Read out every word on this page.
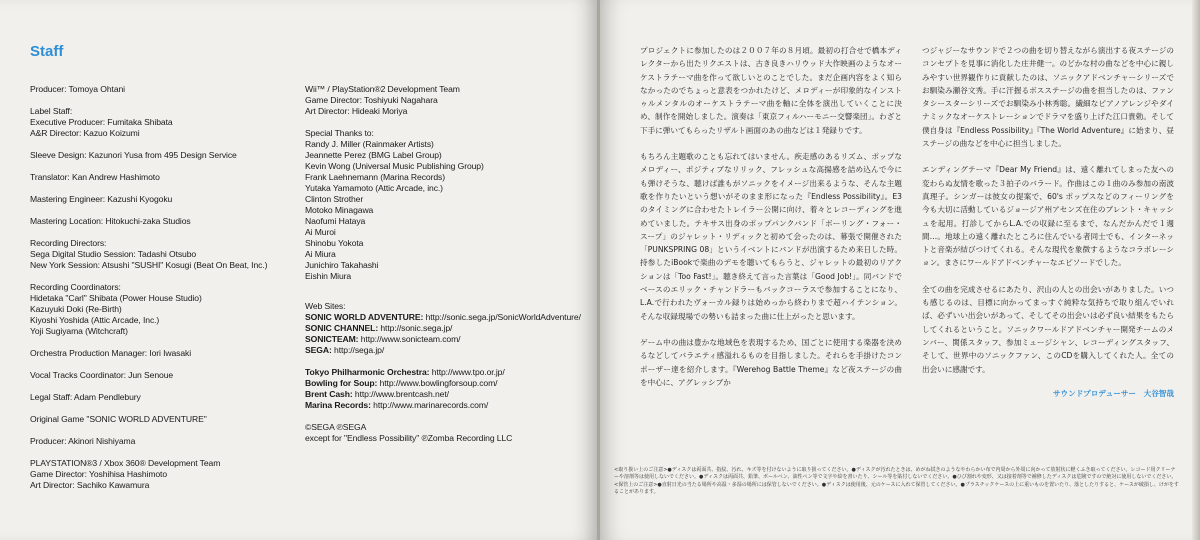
Staff
Producer: Tomoya Ohtani
Label Staff:
Executive Producer: Fumitaka Shibata
A&R Director: Kazuo Koizumi
Sleeve Design: Kazunori Yusa from 495 Design Service
Translator: Kan Andrew Hashimoto
Mastering Engineer: Kazushi Kyogoku
Mastering Location: Hitokuchi-zaka Studios
Recording Directors:
Sega Digital Studio Session: Tadashi Otsubo
New York Session: Atsushi "SUSHI" Kosugi (Beat On Beat, Inc.)
Recording Coordinators:
Hidetaka "Carl" Shibata (Power House Studio)
Kazuyuki Doki (Re-Birth)
Kiyoshi Yoshida (Attic Arcade, Inc.)
Yoji Sugiyama (Witchcraft)
Orchestra Production Manager: Iori Iwasaki
Vocal Tracks Coordinator: Jun Senoue
Legal Staff: Adam Pendlebury
Original Game "SONIC WORLD ADVENTURE"
Producer: Akinori Nishiyama
PLAYSTATION®3 / Xbox 360® Development Team
Game Director: Yoshihisa Hashimoto
Art Director: Sachiko Kawamura
Wii™ / PlayStation®2 Development Team
Game Director: Toshiyuki Nagahara
Art Director: Hideaki Moriya
Special Thanks to:
Randy J. Miller (Rainmaker Artists)
Jeannette Perez (BMG Label Group)
Kevin Wong (Universal Music Publishing Group)
Frank Laehnemann (Marina Records)
Yutaka Yamamoto (Attic Arcade, inc.)
Clinton Strother
Motoko Minagawa
Naofumi Hataya
Ai Muroi
Shinobu Yokota
Ai Miura
Junichiro Takahashi
Eishin Miura
Web Sites:
SONIC WORLD ADVENTURE: http://sonic.sega.jp/SonicWorldAdventure/
SONIC CHANNEL: http://sonic.sega.jp/
SONICTEAM: http://www.sonicteam.com/
SEGA: http://sega.jp/
Tokyo Philharmonic Orchestra: http://www.tpo.or.jp/
Bowling for Soup: http://www.bowlingforsoup.com/
Brent Cash: http://www.brentcash.net/
Marina Records: http://www.marinarecords.com/
©SEGA ℗SEGA
except for "Endless Possibility" ℗Zomba Recording LLC

プロジェクトに参加したのは２００７年の８月頃。最初の打合せで橋本ディレクターから出たリクエストは、古き良きハリウッド大作映画のようなオーケストラテーマ曲を作って欲しいとのことでした。まだ企画内容をよく知らなかったのでちょっと意表をつかれたけど、メロディーが印象的なインストゥルメンタルのオーケストラテーマ曲を軸に全体を演出していくことに決め、制作を開始しました。演奏は「東京フィルハーモニー交響楽団」。わざと下手に弾いてもらったリザルト画面のあの曲などは１発録りです。

もちろん主題歌のことも忘れてはいません。疾走感のあるリズム、ポップなメロディー、ポジティブなリリック、フレッシュな高揚感を詰め込んで今にも弾けそうな、聴けば誰もがソニックをイメージ出来るような、そんな主題歌を作りたいという想いがそのまま形になった『Endless Possibility』。E3のタイミングに合わせたトレイラー公開に向け、着々とレコーディングを進めていました。テキサス出身のポップパンクバンド「ボーリング・フォー・スープ」のジャレット・リディックと初めて会ったのは、幕張で開催された「PUNKSPRING 08」というイベントにバンドが出演するため来日した時。持参したiBookで楽曲のデモを聴いてもらうと、ジャレットの最初のリアクションは「Too Fast!」。聴き終えて言った言葉は「Good Job!」。同バンドでベースのエリック・チャンドラーもバックコーラスで参加することになり、L.A.で行われたヴォーカル録りは始めっから終わりまで超ハイテンション。そんな収録現場での勢いも詰まった曲に仕上がったと思います。

ゲーム中の曲は豊かな地域色を表現するため、国ごとに使用する楽器を決めるなどしてバラエティ感溢れるものを目指しました。それらを手掛けたコンポーザー達を紹介します。『Werehog Battle Theme』など夜ステージの曲を中心に、アグレッシブか

つジャジーなサウンドで２つの曲を切り替えながら演出する夜ステージのコンセプトを見事に消化した庄井健一。のどかな村の曲などを中心に親しみやすい世界観作りに貢献したのは、ソニックアドベンチャーシリーズでお馴染み瀬谷文秀。手に汗握るボスステージの曲を担当したのは、ファンタシースターシリーズでお馴染み小林秀聡。繊細なピアノアレンジやダイナミックなオーケストレーションでドラマを盛り上げた江口貴勅。そして僕自身は『Endless Possibility』『The World Adventure』に始まり、昼ステージの曲などを中心に担当しました。

エンディングテーマ『Dear My Friend』は、遠く離れてしまった友への変わらぬ友情を歌った３拍子のバラード。作曲はこの１曲のみ参加の南波真理子。シンガーは彼女の提案で、60's ポップスなどのフィーリングを今も大切に活動しているジョージア州アセンズ在住のブレント・キャッシュを起用。打診してからL.A.での収録に至るまで、なんだかんだで１週間…。地球上の遠く離れたところに住んでいる者同士でも、インターネットと音楽が結びつけてくれる。そんな現代を象徴するようなコラボレーション。まさにワールドアドベンチャーなエピソードでした。

全ての曲を完成させるにあたり、沢山の人との出会いがありました。いつも感じるのは、目標に向かってまっすぐ純粋な気持ちで取り組んでいれば、必ずいい出会いがあって、そしてその出会いは必ず良い結果をもたらしてくれるということ。ソニックワールドアドベンチャー開発チームのメンバー、関係スタッフ、参加ミュージシャン、レコーディングスタッフ、そして、世界中のソニックファン、このCDを購入してくれた人。全ての出会いに感謝です。

サウンドプロデューサー　大谷智哉
<取り扱い上のご注意>●ディスクは両面共、指紋、汚れ、キズ等を付けないように取り扱ってください。●ディスクが汚れたときは、めがね拭きのようなやわらかい布で内周から外周に向かって放射状に軽くふき取ってください。レコード用クリーナーや溶剤等は使用しないでください。●ディスクは両面共、鉛筆、ボールペン、油性ペン等で文字や絵を書いたり、シール等を貼付しないでください。●ひび割れや変形、又は接着剤等で補修したディスクは危険ですので絶対に使用しないでください。<保管上のご注意>●直射日光の当たる場所や高温・多湿の場所には保管しないでください。●ディスクは使用後、元のケースに入れて保管してください。●プラスチックケースの上に重いものを置いたり、落としたりすると、ケースが破損し、けがをすることがあります。
